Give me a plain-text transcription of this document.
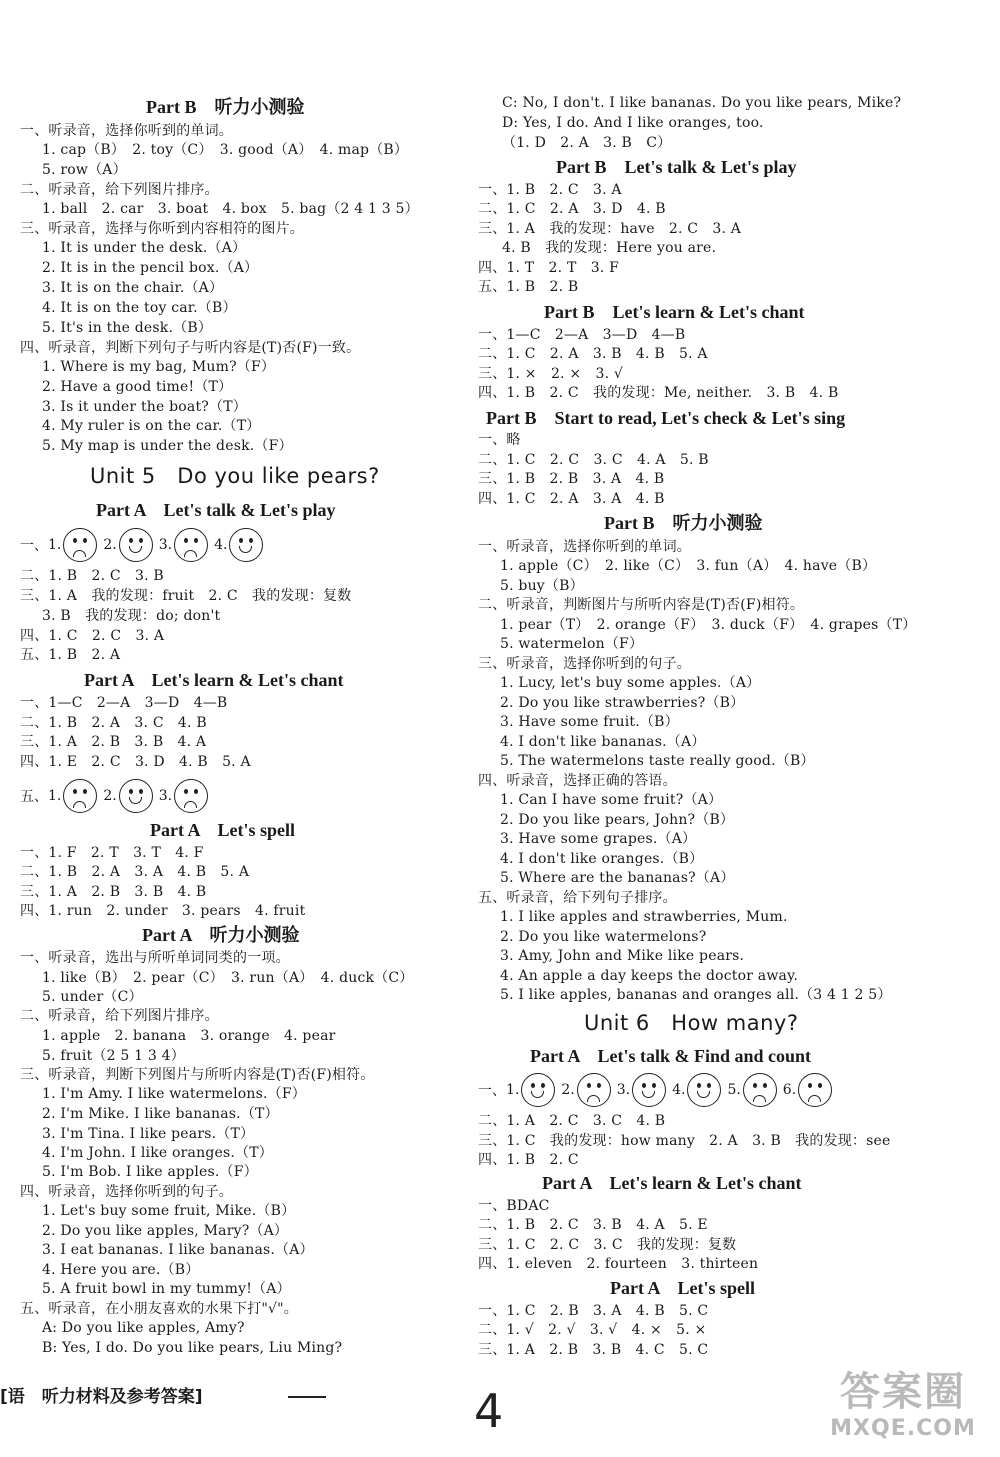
Part B　听力小测验
一、听录音，选择你听到的单词。
1. cap（B）　2. toy（C）　3. good（A）　4. map（B）
5. row（A）
二、听录音，给下列图片排序。
1. ball　2. car　3. boat　4. box　5. bag（2 4 1 3 5）
三、听录音，选择与你听到内容相符的图片。
1. It is under the desk.（A）
2. It is in the pencil box.（A）
3. It is on the chair.（A）
4. It is on the toy car.（B）
5. It's in the desk.（B）
四、听录音，判断下列句子与听内容是(T)否(F)一致。
1. Where is my bag, Mum?（F）
2. Have a good time!（T）
3. Is it under the boat?（T）
4. My ruler is on the car.（T）
5. My map is under the desk.（F）
Unit 5　Do you like pears?
Part A　Let's talk & Let's play
一、 1.	2.	3.	4.
二、1. B　2. C　3. B
三、1. A　我的发现：fruit　2. C　我的发现：复数
3. B　我的发现：do; don't
四、1. C　2. C　3. A
五、1. B　2. A
Part A　Let's learn & Let's chant
一、1—C　2—A　3—D　4—B
二、1. B　2. A　3. C　4. B
三、1. A　2. B　3. B　4. A
四、1. E　2. C　3. D　4. B　5. A
五、 1.	2.	3.
Part A　Let's spell
一、1. F　2. T　3. T　4. F
二、1. B　2. A　3. A　4. B　5. A
三、1. A　2. B　3. B　4. B
四、1. run　2. under　3. pears　4. fruit
Part A　听力小测验
一、听录音，选出与所听单词同类的一项。
1. like（B）　2. pear（C）　3. run（A）　4. duck（C）
5. under（C）
二、听录音，给下列图片排序。
1. apple　2. banana　3. orange　4. pear
5. fruit（2 5 1 3 4）
三、听录音，判断下列图片与所听内容是(T)否(F)相符。
1. I'm Amy. I like watermelons.（F）
2. I'm Mike. I like bananas.（T）
3. I'm Tina. I like pears.（T）
4. I'm John. I like oranges.（T）
5. I'm Bob. I like apples.（F）
四、听录音，选择你听到的句子。
1. Let's buy some fruit, Mike.（B）
2. Do you like apples, Mary?（A）
3. I eat bananas. I like bananas.（A）
4. Here you are.（B）
5. A fruit bowl in my tummy!（A）
五、听录音，在小朋友喜欢的水果下打"√"。
A: Do you like apples, Amy?
B: Yes, I do. Do you like pears, Liu Ming?
C: No, I don't. I like bananas. Do you like pears, Mike?
D: Yes, I do. And I like oranges, too.
（1. D　2. A　3. B　C）
Part B　Let's talk & Let's play
一、1. B　2. C　3. A
二、1. C　2. A　3. D　4. B
三、1. A　我的发现：have　2. C　3. A
4. B　我的发现：Here you are.
四、1. T　2. T　3. F
五、1. B　2. B
Part B　Let's learn & Let's chant
一、1—C　2—A　3—D　4—B
二、1. C　2. A　3. B　4. B　5. A
三、1. ×　2. ×　3. √
四、1. B　2. C　我的发现：Me, neither.　3. B　4. B
Part B　Start to read, Let's check & Let's sing
一、略
二、1. C　2. C　3. C　4. A　5. B
三、1. B　2. B　3. A　4. B
四、1. C　2. A　3. A　4. B
Part B　听力小测验
一、听录音，选择你听到的单词。
1. apple（C）　2. like（C）　3. fun（A）　4. have（B）
5. buy（B）
二、听录音，判断图片与所听内容是(T)否(F)相符。
1. pear（T）　2. orange（F）　3. duck（F）　4. grapes（T）
5. watermelon（F）
三、听录音，选择你听到的句子。
1. Lucy, let's buy some apples.（A）
2. Do you like strawberries?（B）
3. Have some fruit.（B）
4. I don't like bananas.（A）
5. The watermelons taste really good.（B）
四、听录音，选择正确的答语。
1. Can I have some fruit?（A）
2. Do you like pears, John?（B）
3. Have some grapes.（A）
4. I don't like oranges.（B）
5. Where are the bananas?（A）
五、听录音，给下列句子排序。
1. I like apples and strawberries, Mum.
2. Do you like watermelons?
3. Amy, John and Mike like pears.
4. An apple a day keeps the doctor away.
5. I like apples, bananas and oranges all.（3 4 1 2 5）
Unit 6　How many?
Part A　Let's talk & Find and count
一、 1.	2.	3.	4.	5.	6.
二、1. A　2. C　3. C　4. B
三、1. C　我的发现：how many　2. A　3. B　我的发现：see
四、1. B　2. C
Part A　Let's learn & Let's chant
一、BDAC
二、1. B　2. C　3. B　4. A　5. E
三、1. C　2. C　3. C　我的发现：复数
四、1. eleven　2. fourteen　3. thirteen
Part A　Let's spell
一、1. C　2. B　3. A　4. B　5. C
二、1. √　2. √　3. √　4. ×　5. ×
三、1. A　2. B　3. B　4. C　5. C
[语　听力材料及参考答案]	4	答案圈
MXQE.COM
